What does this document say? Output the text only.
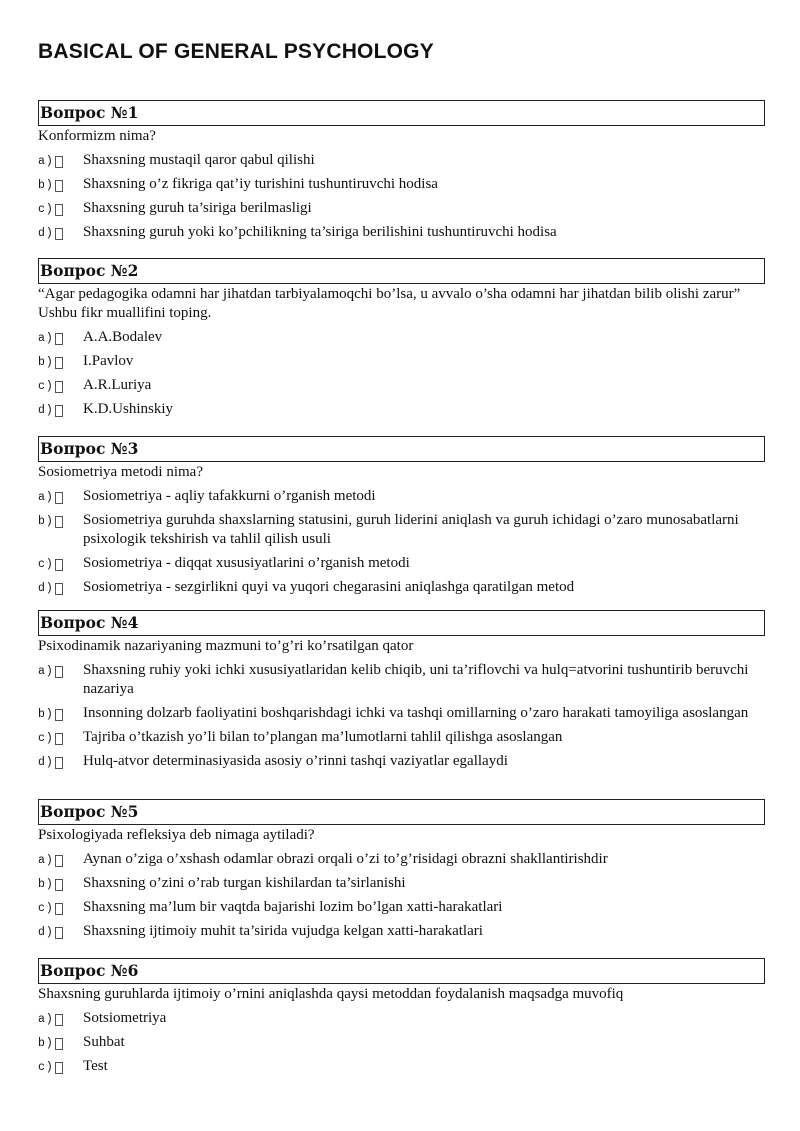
BASICAL OF GENERAL PSYCHOLOGY
Вопрос №1
Konformizm nima?
a) Shaxsning mustaqil qaror qabul qilishi
b) Shaxsning o’z fikriga qat’iy turishini tushuntiruvchi hodisa
c) Shaxsning guruh ta’siriga berilmasligi
d) Shaxsning guruh yoki ko’pchilikning ta’siriga berilishini tushuntiruvchi hodisa
Вопрос №2
“Agar pedagogika odamni har jihatdan tarbiyalamoqchi bo’lsa, u avvalo o’sha odamni har jihatdan bilib olishi zarur” Ushbu fikr muallifini toping.
a) A.A.Bodalev
b) I.Pavlov
c) A.R.Luriya
d) K.D.Ushinskiy
Вопрос №3
Sosiometriya metodi nima?
a) Sosiometriya - aqliy tafakkurni o’rganish metodi
b) Sosiometriya guruhda shaxslarning statusini, guruh liderini aniqlash va guruh ichidagi o’zaro munosabatlarni psixologik tekshirish va tahlil qilish usuli
c) Sosiometriya - diqqat xususiyatlarini o’rganish metodi
d) Sosiometriya - sezgirlikni quyi va yuqori chegarasini aniqlashga qaratilgan metod
Вопрос №4
Psixodinamik nazariyaning mazmuni to’g’ri ko’rsatilgan qator
a) Shaxsning ruhiy yoki ichki xususiyatlaridan kelib chiqib, uni ta’riflovchi va hulq=atvorini tushuntirib beruvchi nazariya
b) Insonning dolzarb faoliyatini boshqarishdagi ichki va tashqi omillarning o’zaro harakati tamoyiliga asoslangan
c) Tajriba o’tkazish yo’li bilan to’plangan ma’lumotlarni tahlil qilishga asoslangan
d) Hulq-atvor determinasiyasida asosiy o’rinni tashqi vaziyatlar egallaydi
Вопрос №5
Psixologiyada refleksiya deb nimaga aytiladi?
a) Aynan o’ziga o’xshash odamlar obrazi orqali o’zi to’g’risidagi obrazni shakllantirishdir
b) Shaxsning o’zini o’rab turgan kishilardan ta’sirlanishi
c) Shaxsning ma’lum bir vaqtda bajarishi lozim bo’lgan xatti-harakatlari
d) Shaxsning ijtimoiy muhit ta’sirida vujudga kelgan xatti-harakatlari
Вопрос №6
Shaxsning guruhlarda ijtimoiy o’rnini aniqlashda qaysi metoddan foydalanish maqsadga muvofiq
a) Sotsiometriya
b) Suhbat
c) Test
